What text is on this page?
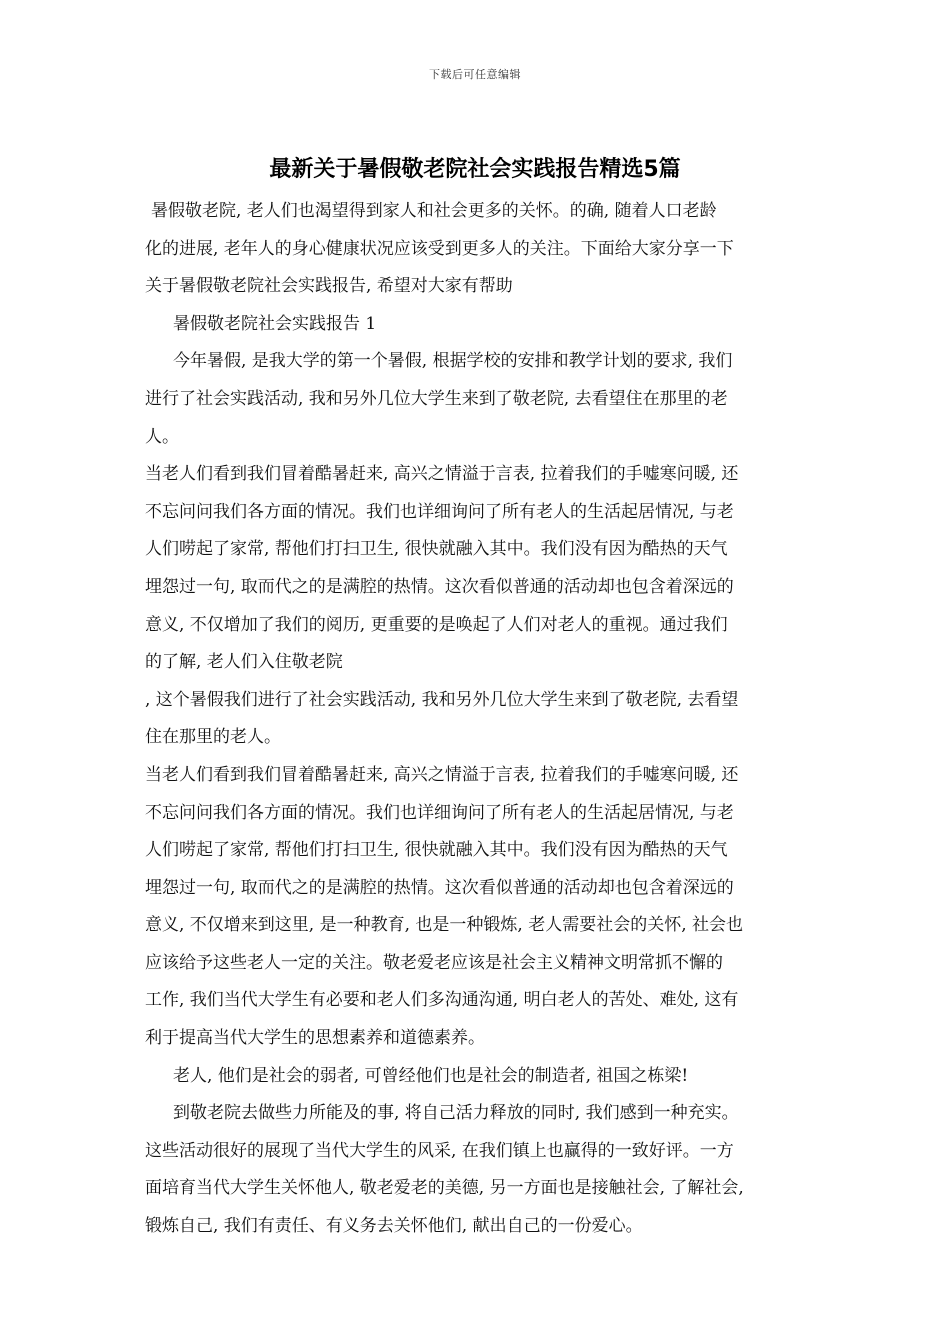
下载后可任意编辑
最新关于暑假敬老院社会实践报告精选5篇
暑假敬老院, 老人们也渴望得到家人和社会更多的关怀。的确, 随着人口老龄
化的进展, 老年人的身心健康状况应该受到更多人的关注。下面给大家分享一下
关于暑假敬老院社会实践报告, 希望对大家有帮助
暑假敬老院社会实践报告 1
今年暑假, 是我大学的第一个暑假, 根据学校的安排和教学计划的要求, 我们
进行了社会实践活动, 我和另外几位大学生来到了敬老院, 去看望住在那里的老
人。
当老人们看到我们冒着酷暑赶来, 高兴之情溢于言表, 拉着我们的手嘘寒问暖, 还
不忘问问我们各方面的情况。我们也详细询问了所有老人的生活起居情况, 与老
人们唠起了家常, 帮他们打扫卫生, 很快就融入其中。我们没有因为酷热的天气
埋怨过一句, 取而代之的是满腔的热情。这次看似普通的活动却也包含着深远的
意义, 不仅增加了我们的阅历, 更重要的是唤起了人们对老人的重视。通过我们
的了解, 老人们入住敬老院
, 这个暑假我们进行了社会实践活动, 我和另外几位大学生来到了敬老院, 去看望
住在那里的老人。
当老人们看到我们冒着酷暑赶来, 高兴之情溢于言表, 拉着我们的手嘘寒问暖, 还
不忘问问我们各方面的情况。我们也详细询问了所有老人的生活起居情况, 与老
人们唠起了家常, 帮他们打扫卫生, 很快就融入其中。我们没有因为酷热的天气
埋怨过一句, 取而代之的是满腔的热情。这次看似普通的活动却也包含着深远的
意义, 不仅增来到这里, 是一种教育, 也是一种锻炼, 老人需要社会的关怀, 社会也
应该给予这些老人一定的关注。敬老爱老应该是社会主义精神文明常抓不懈的
工作, 我们当代大学生有必要和老人们多沟通沟通, 明白老人的苦处、难处, 这有
利于提高当代大学生的思想素养和道德素养。
老人, 他们是社会的弱者, 可曾经他们也是社会的制造者, 祖国之栋梁!
到敬老院去做些力所能及的事, 将自己活力释放的同时, 我们感到一种充实。
这些活动很好的展现了当代大学生的风采, 在我们镇上也赢得的一致好评。一方
面培育当代大学生关怀他人, 敬老爱老的美德, 另一方面也是接触社会, 了解社会,
锻炼自己, 我们有责任、有义务去关怀他们, 献出自己的一份爱心。
